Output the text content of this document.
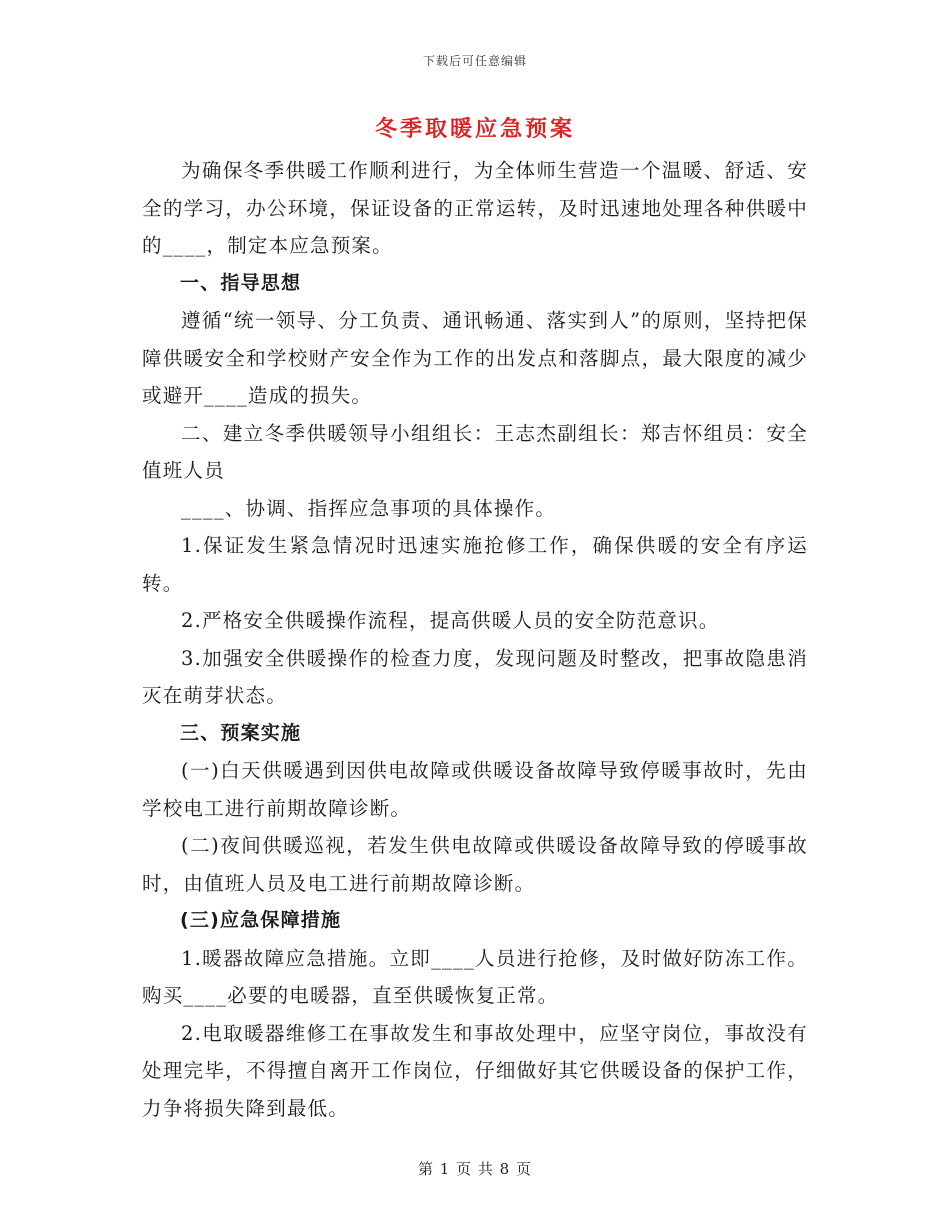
下载后可任意编辑
冬季取暖应急预案

为确保冬季供暖工作顺利进行，为全体师生营造一个温暖、舒适、安全的学习，办公环境，保证设备的正常运转，及时迅速地处理各种供暖中的____，制定本应急预案。

一、指导思想

遵循“统一领导、分工负责、通讯畅通、落实到人”的原则，坚持把保障供暖安全和学校财产安全作为工作的出发点和落脚点，最大限度的减少或避开____造成的损失。

二、建立冬季供暖领导小组组长：王志杰副组长：郑吉怀组员：安全值班人员

____、协调、指挥应急事项的具体操作。

1.保证发生紧急情况时迅速实施抢修工作，确保供暖的安全有序运转。

2.严格安全供暖操作流程，提高供暖人员的安全防范意识。

3.加强安全供暖操作的检查力度，发现问题及时整改，把事故隐患消灭在萌芽状态。

三、预案实施

(一)白天供暖遇到因供电故障或供暖设备故障导致停暖事故时，先由学校电工进行前期故障诊断。

(二)夜间供暖巡视，若发生供电故障或供暖设备故障导致的停暖事故时，由值班人员及电工进行前期故障诊断。

(三)应急保障措施

1.暖器故障应急措施。立即____人员进行抢修，及时做好防冻工作。购买____必要的电暖器，直至供暖恢复正常。

2.电取暖器维修工在事故发生和事故处理中，应坚守岗位，事故没有处理完毕，不得擅自离开工作岗位，仔细做好其它供暖设备的保护工作，力争将损失降到最低。

第 1 页 共 8 页
